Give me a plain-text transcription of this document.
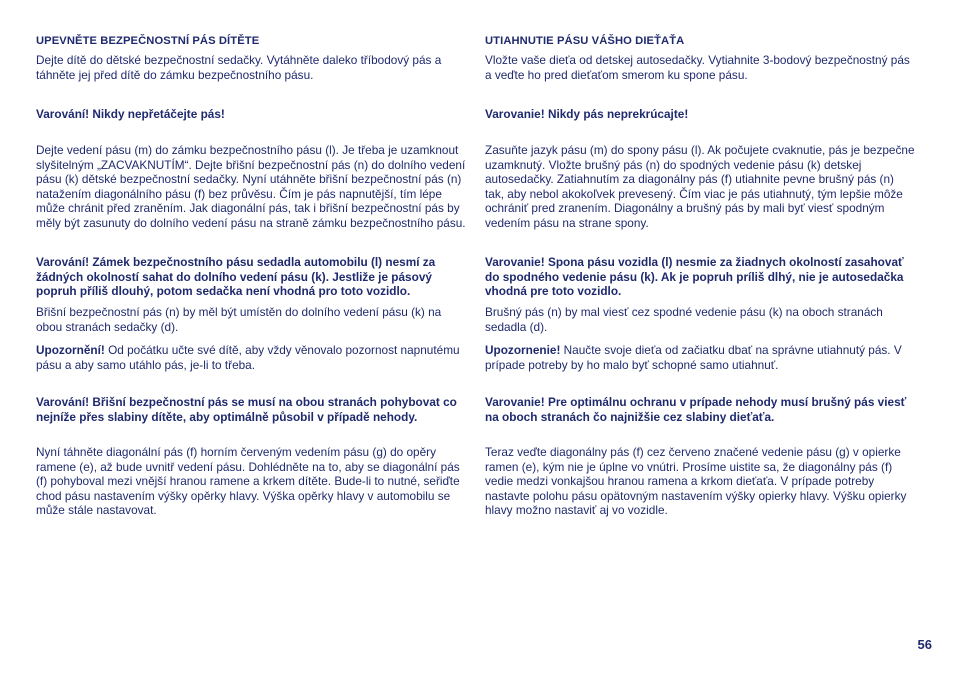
UPEVNĚTE BEZPEČNOSTNÍ PÁS DÍTĚTE

Dejte dítě do dětské bezpečnostní sedačky. Vytáhněte daleko tříbodový pás a táhněte jej před dítě do zámku bezpečnostního pásu.

Varování! Nikdy nepřetáčejte pás!

Dejte vedení pásu (m) do zámku bezpečnostního pásu (l). Je třeba je uzamknout slyšitelným „ZACVAKNUTÍM“. Dejte břišní bezpečnostní pás (n) do dolního vedení pásu (k) dětské bezpečnostní sedačky. Nyní utáhněte břišní bezpečnostní pás (n) natažením diagonálního pásu (f) bez průvěsu. Čím je pás napnutější, tím lépe může chránit před zraněním. Jak diagonální pás, tak i břišní bezpečnostní pás by měly být zasunuty do dolního vedení pásu na straně zámku bezpečnostního pásu.

Varování! Zámek bezpečnostního pásu sedadla automobilu (l) nesmí za žádných okolností sahat do dolního vedení pásu (k). Jestliže je pásový popruh příliš dlouhý, potom sedačka není vhodná pro toto vozidlo.

Břišní bezpečnostní pás (n) by měl být umístěn do dolního vedení pásu (k) na obou stranách sedačky (d).

Upozornění! Od počátku učte své dítě, aby vždy věnovalo pozornost napnutému pásu a aby samo utáhlo pás, je-li to třeba.

Varování! Břišní bezpečnostní pás se musí na obou stranách pohybovat co nejníže přes slabiny dítěte, aby optimálně působil v případě nehody.

Nyní táhněte diagonální pás (f) horním červeným vedením pásu (g) do opěry ramene (e), až bude uvnitř vedení pásu. Dohlédněte na to, aby se diagonální pás (f) pohyboval mezi vnější hranou ramene a krkem dítěte. Bude-li to nutné, seřiďte chod pásu nastavením výšky opěrky hlavy. Výška opěrky hlavy v automobilu se může stále nastavovat.

UTIAHNUTIE PÁSU VÁŠHO DIEŤAŤA

Vložte vaše dieťa od detskej autosedačky. Vytiahnite 3-bodový bezpečnostný pás a veďte ho pred dieťaťom smerom ku spone pásu.

Varovanie! Nikdy pás neprekrúcajte!

Zasuňte jazyk pásu (m) do spony pásu (l). Ak počujete cvaknutie, pás je bezpečne uzamknutý. Vložte brušný pás (n) do spodných vedenie pásu (k) detskej autosedačky. Zatiahnutím za diagonálny pás (f) utiahnite pevne brušný pás (n) tak, aby nebol akokoľvek prevesený. Čím viac je pás utiahnutý, tým lepšie môže ochrániť pred zranením. Diagonálny a brušný pás by mali byť viesť spodným vedením pásu na strane spony.

Varovanie! Spona pásu vozidla (l) nesmie za žiadnych okolností zasahovať do spodného vedenie pásu (k). Ak je popruh príliš dlhý, nie je autosedačka vhodná pre toto vozidlo.

Brušný pás (n) by mal viesť cez spodné vedenie pásu (k) na oboch stranách sedadla (d).

Upozornenie! Naučte svoje dieťa od začiatku dbať na správne utiahnutý pás. V prípade potreby by ho malo byť schopné samo utiahnuť.

Varovanie! Pre optimálnu ochranu v prípade nehody musí brušný pás viesť na oboch stranách čo najnižšie cez slabiny dieťaťa.

Teraz veďte diagonálny pás (f) cez červeno značené vedenie pásu (g) v opierke ramen (e), kým nie je úplne vo vnútri. Prosíme uistite sa, že diagonálny pás (f) vedie medzi vonkajšou hranou ramena a krkom dieťaťa. V prípade potreby nastavte polohu pásu opätovným nastavením výšky opierky hlavy. Výšku opierky hlavy možno nastaviť aj vo vozidle.

56
